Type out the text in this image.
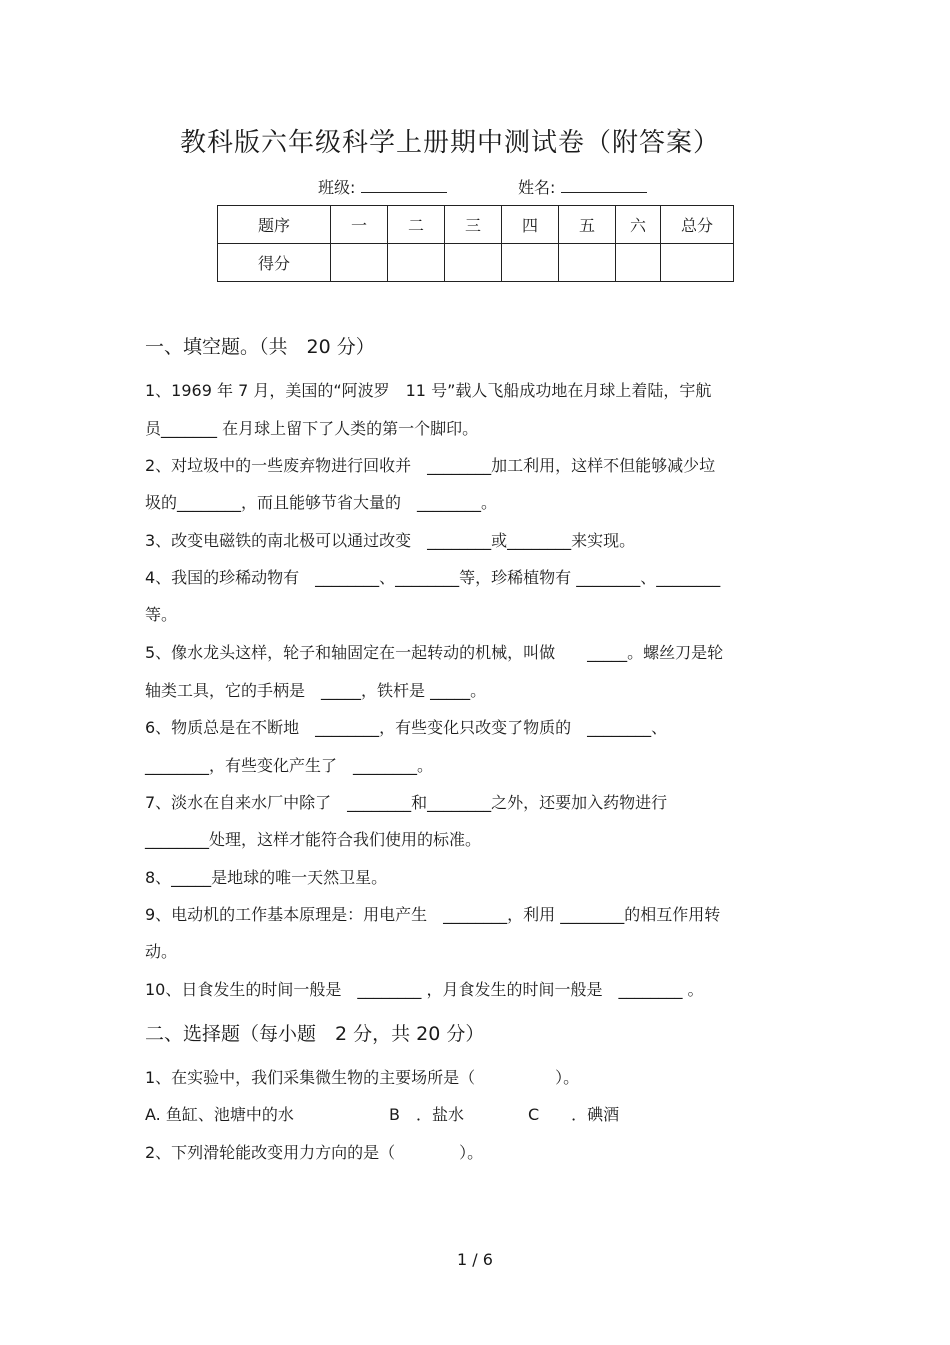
教科版六年级科学上册期中测试卷（附答案）
班级:	姓名:
题序	一	二	三	四	五	六	总分
得分							
一、填空题。（共　20 分）
1、1969 年 7 月，美国的“阿波罗　11 号”载人飞船成功地在月球上着陆，宇航
员_______ 在月球上留下了人类的第一个脚印。
2、对垃圾中的一些废弃物进行回收并　________加工利用，这样不但能够减少垃
圾的________，而且能够节省大量的　________。
3、改变电磁铁的南北极可以通过改变　________或________来实现。
4、我国的珍稀动物有　________、________等，珍稀植物有 ________、________
等。
5、像水龙头这样，轮子和轴固定在一起转动的机械，叫做　　_____。螺丝刀是轮
轴类工具，它的手柄是　_____，铁杆是 _____。
6、物质总是在不断地　________，有些变化只改变了物质的　________、
________，有些变化产生了　________。
7、淡水在自来水厂中除了　________和________之外，还要加入药物进行
________处理，这样才能符合我们使用的标准。
8、_____是地球的唯一天然卫星。
9、电动机的工作基本原理是：用电产生　________，利用 ________的相互作用转
动。
10、日食发生的时间一般是　________ ，月食发生的时间一般是　________ 。
二、选择题（每小题　2 分，共 20 分）
1、在实验中，我们采集微生物的主要场所是（　　　　　）。
A. 鱼缸、池塘中的水	B　．盐水	C　　．碘酒
2、下列滑轮能改变用力方向的是（　　　　）。
1 / 6
